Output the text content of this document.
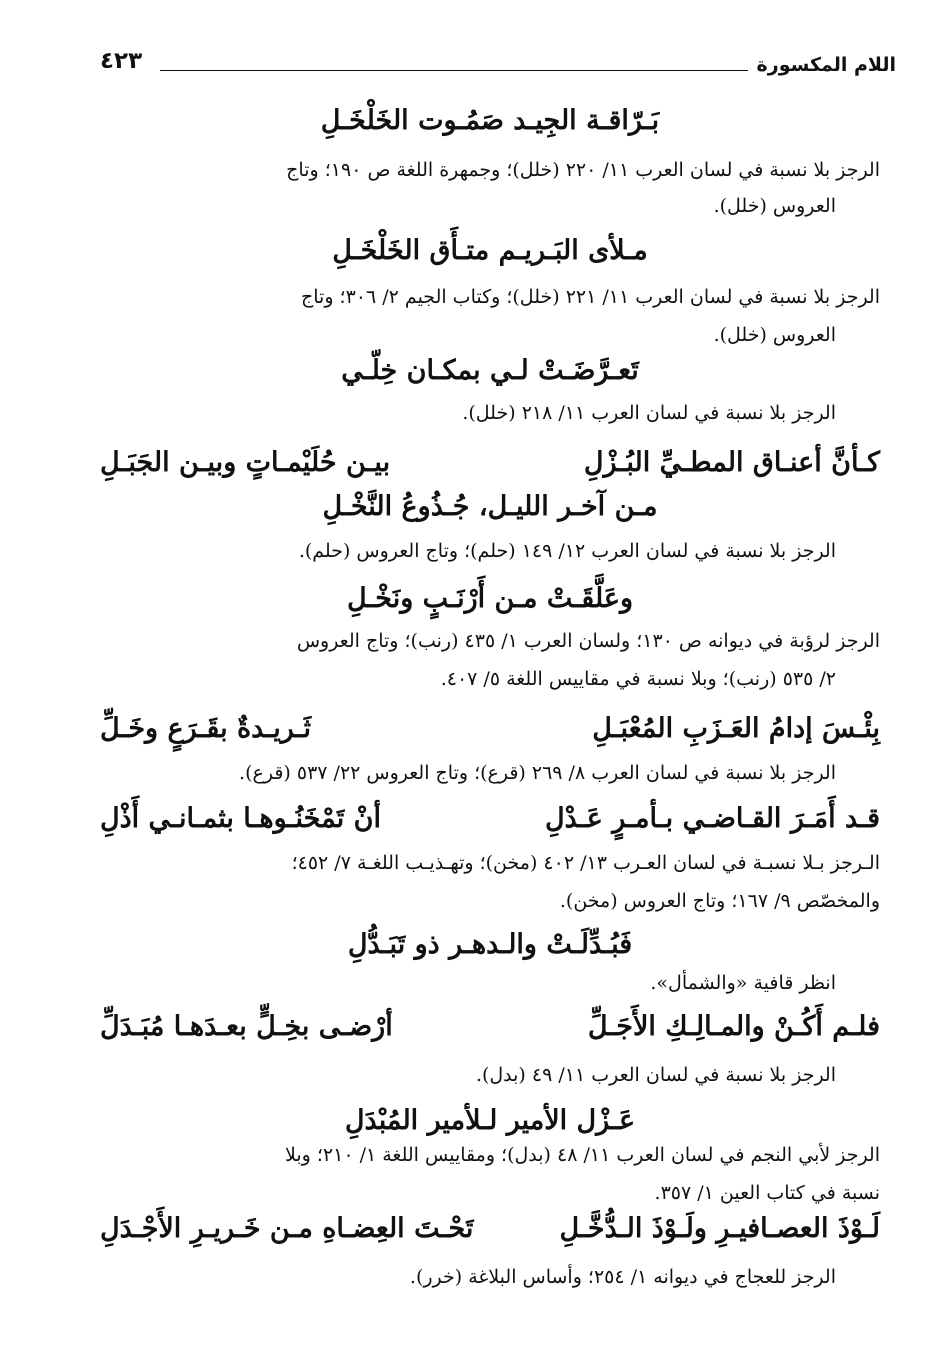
اللام المكسورة
٤٢٣
بَـرّاقـة الجِيـد صَمُـوت الخَلْخَـلِ
الرجز بلا نسبة في لسان العرب ١١/ ٢٢٠ (خلل)؛ وجمهرة اللغة ص ١٩٠؛ وتاج
العروس (خلل).
مـلأى البَـريـم متـأَق الخَلْخَـلِ
الرجز بلا نسبة في لسان العرب ١١/ ٢٢١ (خلل)؛ وكتاب الجيم ٢/ ٣٠٦؛ وتاج
العروس (خلل).
تَعـرَّضَـتْ لـي بمكـان خِلّـي
الرجز بلا نسبة في لسان العرب ١١/ ٢١٨ (خلل).
كـأنَّ أعنـاق المطـيِّ البُـزْلِ
بيـن حُلَيْمـاتٍ وبيـن الجَبَـلِ
مـن آخـر الليـل، جُـذُوعُ النَّخْـلِ
الرجز بلا نسبة في لسان العرب ١٢/ ١٤٩ (حلم)؛ وتاج العروس (حلم).
وعَلَّقَـتْ مـن أَرْنَـبٍ ونَخْـلِ
الرجز لرؤبة في ديوانه ص ١٣٠؛ ولسان العرب ١/ ٤٣٥ (رنب)؛ وتاج العروس
٢/ ٥٣٥ (رنب)؛ وبلا نسبة في مقاييس اللغة ٥/ ٤٠٧.
بِئْـسَ إدامُ العَـزَبِ المُعْبَـلِ
ثَـريـدةٌ بقَـرَعٍ وخَـلِّ
الرجز بلا نسبة في لسان العرب ٨/ ٢٦٩ (قرع)؛ وتاج العروس ٢٢/ ٥٣٧ (قرع).
قـد أَمَـرَ القـاضـي بـأمـرٍ عَـدْلِ
أنْ تَمْخَنُـوهـا بثمـانـي أَذْلِ
الـرجز بـلا نسبـة في لسان العـرب ١٣/ ٤٠٢ (مخن)؛ وتهـذيـب اللغـة ٧/ ٤٥٢؛
والمخصّص ٩/ ١٦٧؛ وتاج العروس (مخن).
فَبُـدِّلَـتْ والـدهـر ذو تَبَـدُّلِ
انظر قافية «والشمأل».
فلـم أَكُـنْ والمـالِـكِ الأَجَـلِّ
أرْضـى بخِـلٍّ بعـدَهـا مُبَـدَلِّ
الرجز بلا نسبة في لسان العرب ١١/ ٤٩ (بدل).
عَـزْل الأمير لـلأمير المُبْدَلِ
الرجز لأبي النجم في لسان العرب ١١/ ٤٨ (بدل)؛ ومقاييس اللغة ١/ ٢١٠؛ وبلا
نسبة في كتاب العين ١/ ٣٥٧.
لَـوْذَ العصـافيـرِ ولَـوْذَ الـدُّخَّـلِ
تَحْـتَ العِضـاهِ مـن خَـريـرِ الأَجْـدَلِ
الرجز للعجاج في ديوانه ١/ ٢٥٤؛ وأساس البلاغة (خرر).
